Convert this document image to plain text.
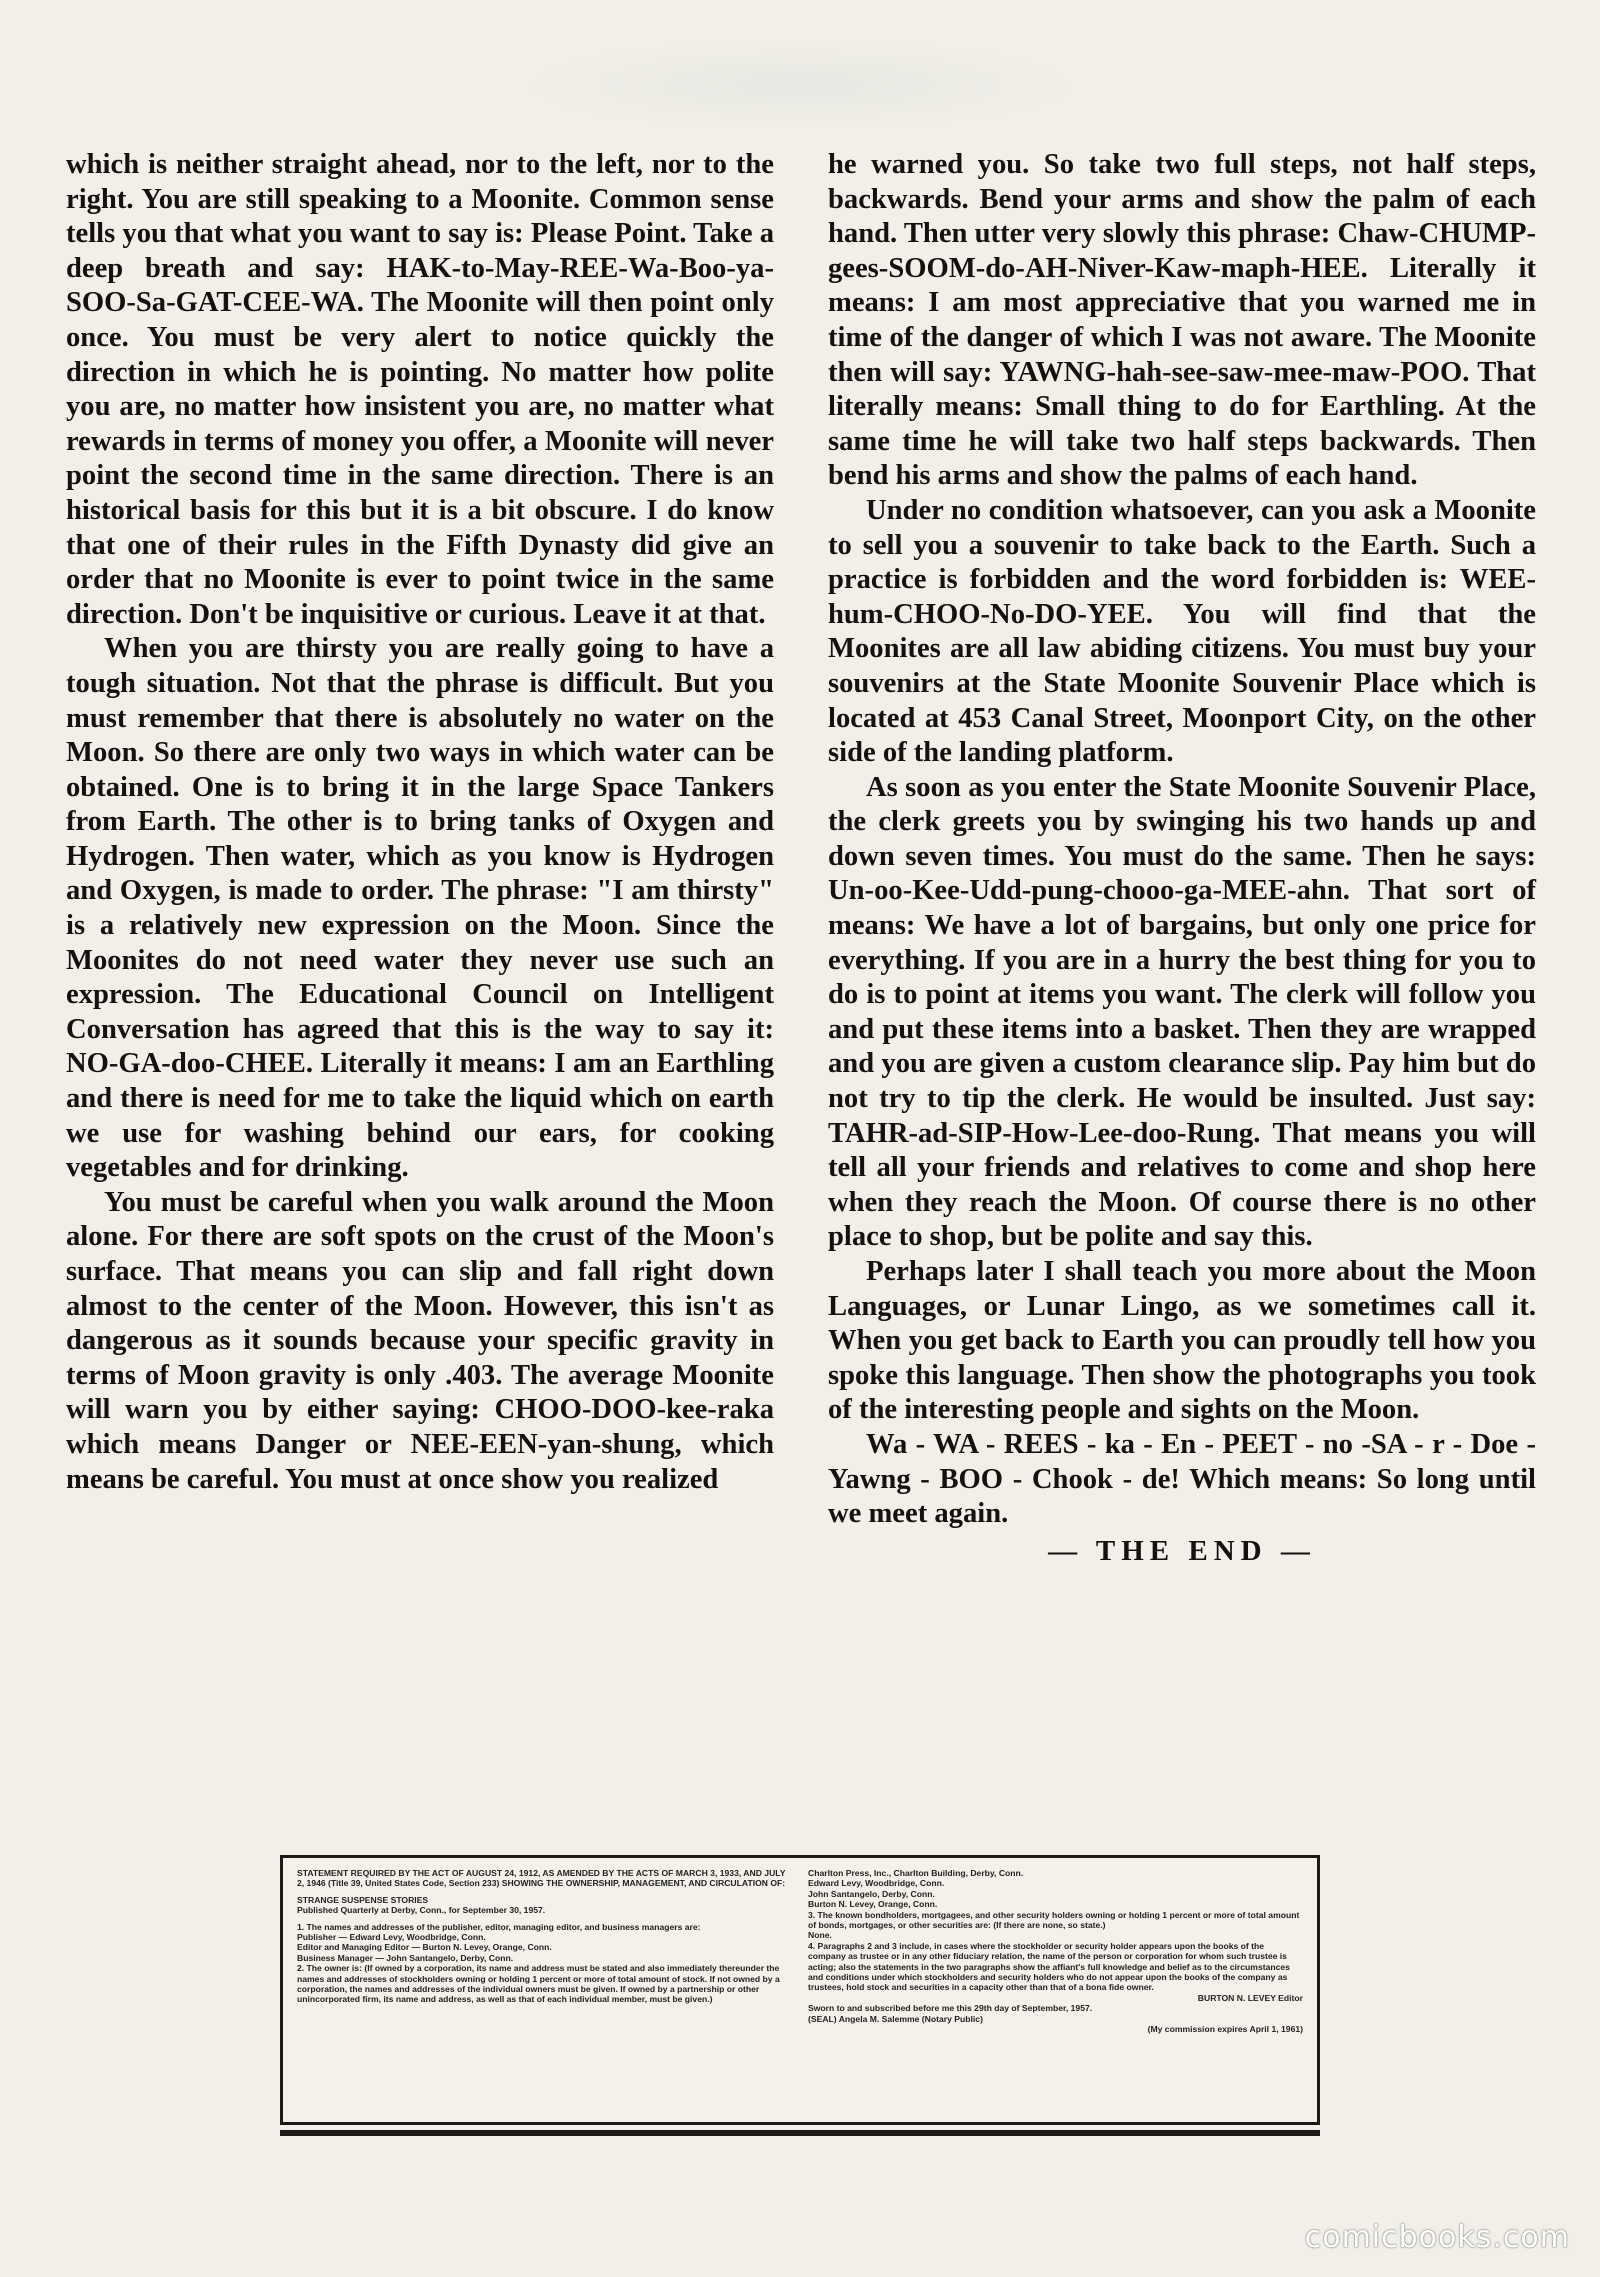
which is neither straight ahead, nor to the left, nor to the right. You are still speaking to a Moonite. Common sense tells you that what you want to say is: Please Point. Take a deep breath and say: HAK-to-May-REE-Wa-Boo-ya-SOO-Sa-GAT-CEE-WA. The Moonite will then point only once. You must be very alert to notice quickly the direction in which he is pointing. No matter how polite you are, no matter how insistent you are, no matter what rewards in terms of money you offer, a Moonite will never point the second time in the same direction. There is an historical basis for this but it is a bit obscure. I do know that one of their rules in the Fifth Dynasty did give an order that no Moonite is ever to point twice in the same direction. Don't be inquisitive or curious. Leave it at that.

When you are thirsty you are really going to have a tough situation. Not that the phrase is difficult. But you must remember that there is absolutely no water on the Moon. So there are only two ways in which water can be obtained. One is to bring it in the large Space Tankers from Earth. The other is to bring tanks of Oxygen and Hydrogen. Then water, which as you know is Hydrogen and Oxygen, is made to order. The phrase: "I am thirsty" is a relatively new expression on the Moon. Since the Moonites do not need water they never use such an expression. The Educational Council on Intelligent Conversation has agreed that this is the way to say it: NO-GA-doo-CHEE. Literally it means: I am an Earthling and there is need for me to take the liquid which on earth we use for washing behind our ears, for cooking vegetables and for drinking.

You must be careful when you walk around the Moon alone. For there are soft spots on the crust of the Moon's surface. That means you can slip and fall right down almost to the center of the Moon. However, this isn't as dangerous as it sounds because your specific gravity in terms of Moon gravity is only .403. The average Moonite will warn you by either saying: CHOO-DOO-kee-raka which means Danger or NEE-EEN-yan-shung, which means be careful. You must at once show you realized

he warned you. So take two full steps, not half steps, backwards. Bend your arms and show the palm of each hand. Then utter very slowly this phrase: Chaw-CHUMP-gees-SOOM-do-AH-Niver-Kaw-maph-HEE. Literally it means: I am most appreciative that you warned me in time of the danger of which I was not aware. The Moonite then will say: YAWNG-hah-see-saw-mee-maw-POO. That literally means: Small thing to do for Earthling. At the same time he will take two half steps backwards. Then bend his arms and show the palms of each hand.

Under no condition whatsoever, can you ask a Moonite to sell you a souvenir to take back to the Earth. Such a practice is forbidden and the word forbidden is: WEE-hum-CHOO-No-DO-YEE. You will find that the Moonites are all law abiding citizens. You must buy your souvenirs at the State Moonite Souvenir Place which is located at 453 Canal Street, Moonport City, on the other side of the landing platform.

As soon as you enter the State Moonite Souvenir Place, the clerk greets you by swinging his two hands up and down seven times. You must do the same. Then he says: Un-oo-Kee-Udd-pung-chooo-ga-MEE-ahn. That sort of means: We have a lot of bargains, but only one price for everything. If you are in a hurry the best thing for you to do is to point at items you want. The clerk will follow you and put these items into a basket. Then they are wrapped and you are given a custom clearance slip. Pay him but do not try to tip the clerk. He would be insulted. Just say: TAHR-ad-SIP-How-Lee-doo-Rung. That means you will tell all your friends and relatives to come and shop here when they reach the Moon. Of course there is no other place to shop, but be polite and say this.

Perhaps later I shall teach you more about the Moon Languages, or Lunar Lingo, as we sometimes call it. When you get back to Earth you can proudly tell how you spoke this language. Then show the photographs you took of the interesting people and sights on the Moon.

Wa - WA - REES - ka - En - PEET - no -SA - r - Doe - Yawng - BOO - Chook - de! Which means: So long until we meet again.

— THE END —
STATEMENT REQUIRED BY THE ACT OF AUGUST 24, 1912, AS AMENDED BY THE ACTS OF MARCH 3, 1933, AND JULY 2, 1946 (Title 39, United States Code, Section 233) SHOWING THE OWNERSHIP, MANAGEMENT, AND CIRCULATION OF:
STRANGE SUSPENSE STORIES
Published Quarterly at Derby, Conn., for September 30, 1957.
1. The names and addresses of the publisher, editor, managing editor, and business managers are:
Publisher — Edward Levy, Woodbridge, Conn.
Editor and Managing Editor — Burton N. Levey, Orange, Conn.
Business Manager — John Santangelo, Derby, Conn.
2. The owner is: (If owned by a corporation, its name and address must be stated and also immediately thereunder the names and addresses of stockholders owning or holding 1 percent or more of total amount of stock. If not owned by a corporation, the names and addresses of the individual owners must be given. If owned by a partnership or other unincorporated firm, its name and address, as well as that of each individual member, must be given.)
Charlton Press, Inc., Charlton Building, Derby, Conn.
Edward Levy, Woodbridge, Conn.
John Santangelo, Derby, Conn.
Burton N. Levey, Orange, Conn.
3. The known bondholders, mortgagees, and other security holders owning or holding 1 percent or more of total amount of bonds, mortgages, or other securities are: (If there are none, so state.)
None.
4. Paragraphs 2 and 3 include, in cases where the stockholder or security holder appears upon the books of the company as trustee or in any other fiduciary relation, the name of the person or corporation for whom such trustee is acting; also the statements in the two paragraphs show the affiant's full knowledge and belief as to the circumstances and conditions under which stockholders and security holders who do not appear upon the books of the company as trustees, hold stock and securities in a capacity other than that of a bona fide owner.
BURTON N. LEVEY Editor
Sworn to and subscribed before me this 29th day of September, 1957.
(SEAL) Angela M. Salemme (Notary Public)
(My commission expires April 1, 1961)
comicbooks.com
